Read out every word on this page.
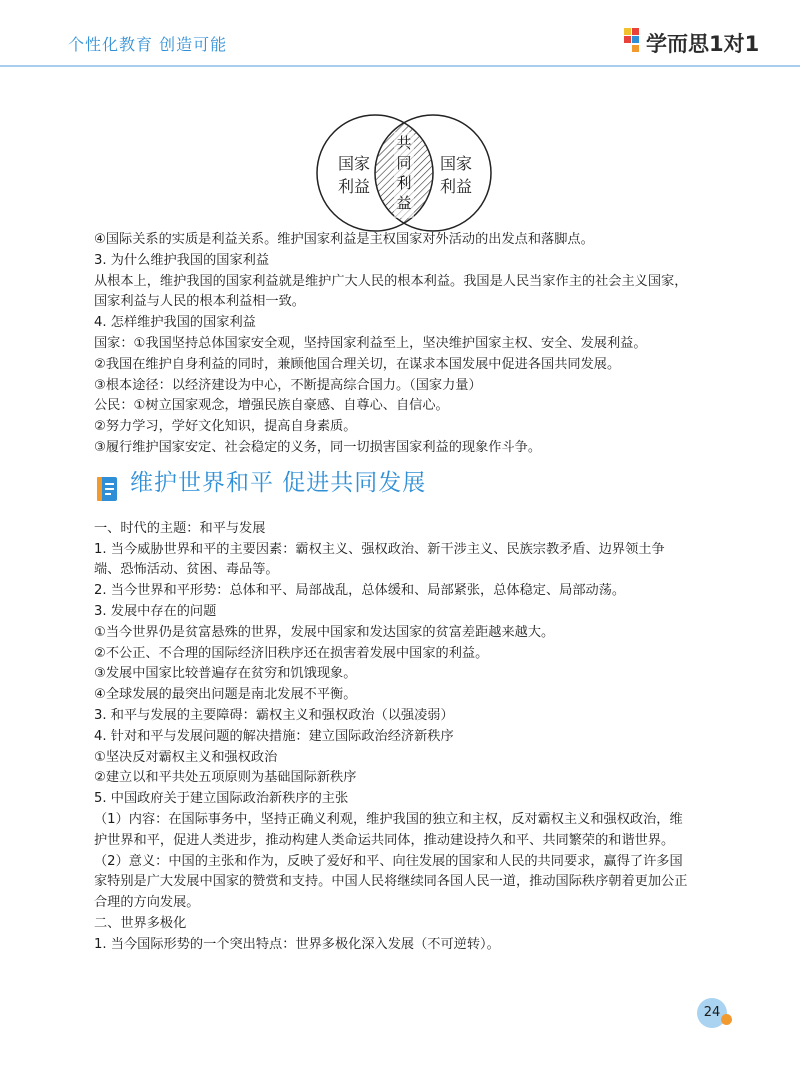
个性化教育 创造可能	学而思1对1
国家
利益
国家
利益
共
同
利
益

④国际关系的实质是利益关系。维护国家利益是主权国家对外活动的出发点和落脚点。

3. 为什么维护我国的国家利益

从根本上，维护我国的国家利益就是维护广大人民的根本利益。我国是人民当家作主的社会主义国家，

国家利益与人民的根本利益相一致。

4. 怎样维护我国的国家利益

国家：①我国坚持总体国家安全观，坚持国家利益至上，坚决维护国家主权、安全、发展利益。

②我国在维护自身利益的同时，兼顾他国合理关切，在谋求本国发展中促进各国共同发展。

③根本途径：以经济建设为中心，不断提高综合国力。（国家力量）

公民：①树立国家观念，增强民族自豪感、自尊心、自信心。

②努力学习，学好文化知识，提高自身素质。

③履行维护国家安定、社会稳定的义务，同一切损害国家利益的现象作斗争。

维护世界和平 促进共同发展

一、时代的主题：和平与发展

1. 当今威胁世界和平的主要因素：霸权主义、强权政治、新干涉主义、民族宗教矛盾、边界领土争

端、恐怖活动、贫困、毒品等。

2. 当今世界和平形势：总体和平、局部战乱，总体缓和、局部紧张，总体稳定、局部动荡。

3. 发展中存在的问题

①当今世界仍是贫富悬殊的世界，发展中国家和发达国家的贫富差距越来越大。

②不公正、不合理的国际经济旧秩序还在损害着发展中国家的利益。

③发展中国家比较普遍存在贫穷和饥饿现象。

④全球发展的最突出问题是南北发展不平衡。

3. 和平与发展的主要障碍：霸权主义和强权政治（以强凌弱）

4. 针对和平与发展问题的解决措施：建立国际政治经济新秩序

①坚决反对霸权主义和强权政治

②建立以和平共处五项原则为基础国际新秩序

5. 中国政府关于建立国际政治新秩序的主张

（1）内容：在国际事务中，坚持正确义利观，维护我国的独立和主权，反对霸权主义和强权政治，维

护世界和平，促进人类进步，推动构建人类命运共同体，推动建设持久和平、共同繁荣的和谐世界。

（2）意义：中国的主张和作为，反映了爱好和平、向往发展的国家和人民的共同要求，赢得了许多国

家特别是广大发展中国家的赞赏和支持。中国人民将继续同各国人民一道，推动国际秩序朝着更加公正

合理的方向发展。

二、世界多极化

1. 当今国际形势的一个突出特点：世界多极化深入发展（不可逆转）。

24
